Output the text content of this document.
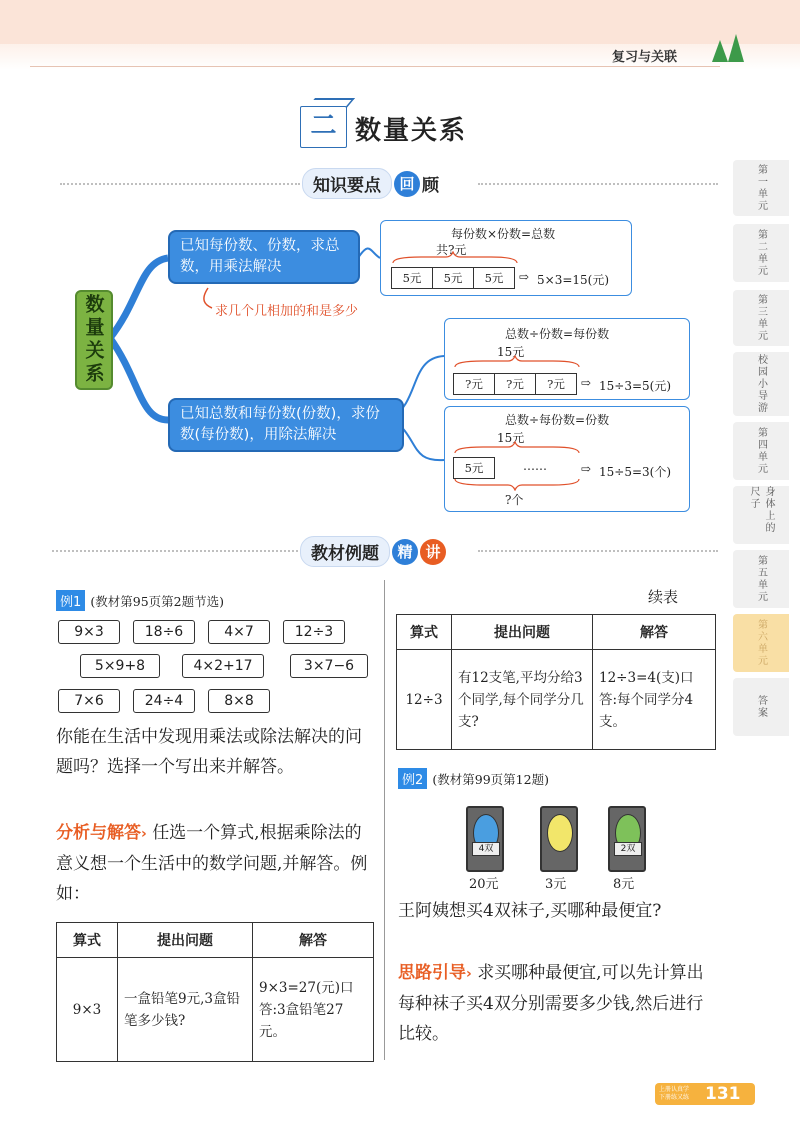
复习与关联
第一单元
第二单元
第三单元
校园小导游
第四单元
身体上的尺子
第五单元
第六单元
答案
二 数量关系
知识要点	回 顾
数量关系
已知每份数、份数，求总数，用乘法解决
求几个几相加的和是多少
每份数×份数=总数
共?元
5元 5元 5元	⇨ 5×3=15(元)
已知总数和每份数(份数)，求份数(每份数)，用除法解决
总数÷份数=每份数
15元
?元 ?元 ?元	⇨ 15÷3=5(元)
总数÷每份数=份数
15元
5元	……
?个
⇨ 15÷5=3(个)
教材例题	精 讲
例1 (教材第95页第2题节选)
9×3	18÷6	4×7	12÷3
5×9+8	4×2+17	3×7−6
7×6	24÷4	8×8
你能在生活中发现用乘法或除法解决的问题吗？选择一个写出来并解答。
分析与解答› 任选一个算式,根据乘除法的意义想一个生活中的数学问题,并解答。例如：
算式	提出问题	解答
9×3	一盒铅笔9元,3盒铅笔多少钱?	9×3=27(元)口答:3盒铅笔27元。
续表
算式	提出问题	解答
12÷3	有12支笔,平均分给3个同学,每个同学分几支?	12÷3=4(支)口答:每个同学分4支。
例2 (教材第99页第12题)
4双
20元	3元
2双
8元
王阿姨想买4双袜子,买哪种最便宜?
思路引导› 求买哪种最便宜,可以先计算出每种袜子买4双分别需要多少钱,然后进行比较。
上册认真学
下册练又练 131
